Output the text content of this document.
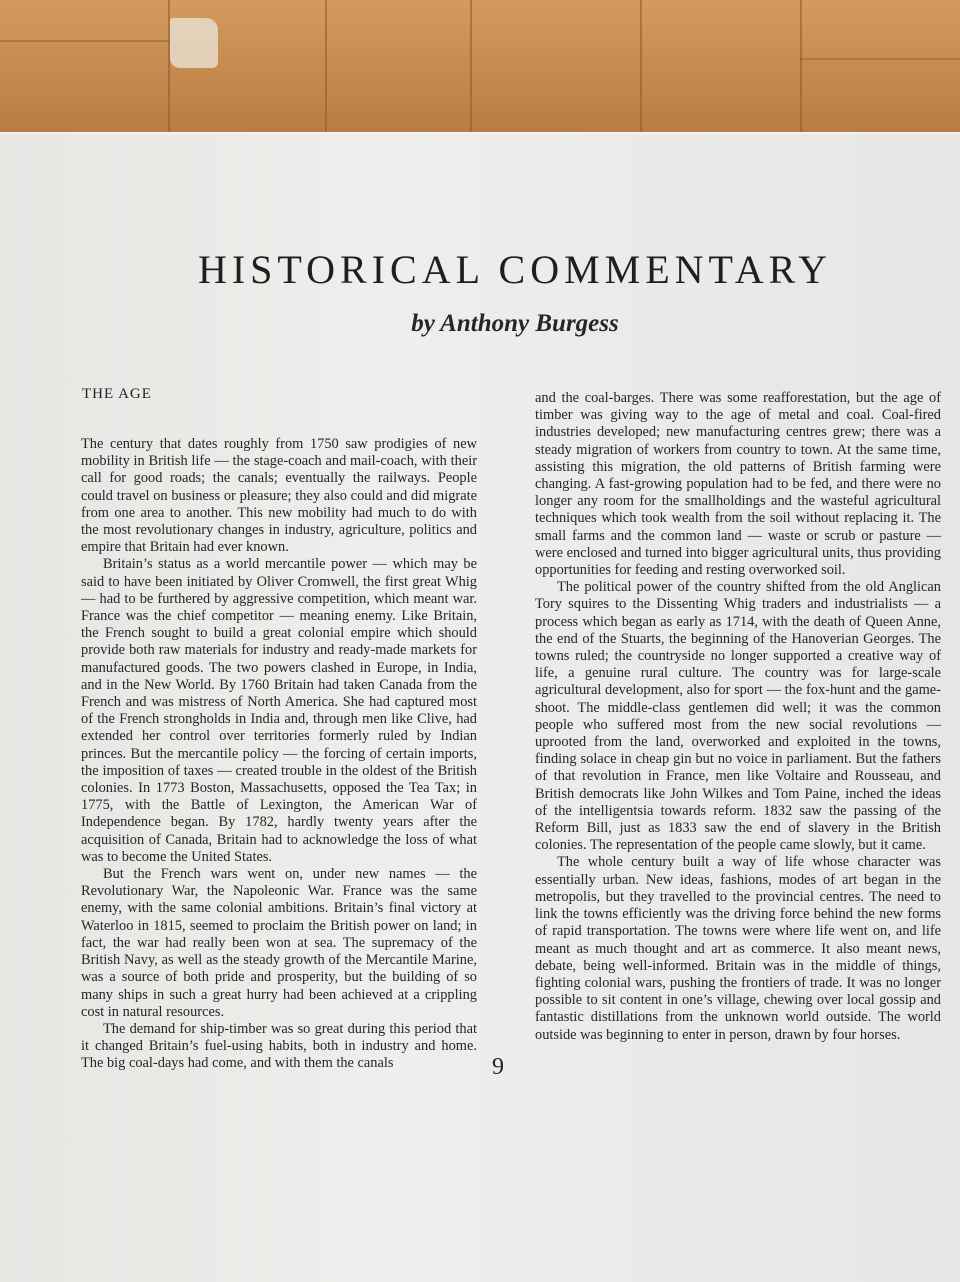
HISTORICAL COMMENTARY
by Anthony Burgess
THE AGE

The century that dates roughly from 1750 saw prodigies of new mobility in British life — the stage-coach and mail-coach, with their call for good roads; the canals; eventually the railways. People could travel on business or pleasure; they also could and did migrate from one area to another. This new mobility had much to do with the most revolutionary changes in industry, agriculture, politics and empire that Britain had ever known.

Britain’s status as a world mercantile power — which may be said to have been initiated by Oliver Cromwell, the first great Whig — had to be furthered by aggressive competition, which meant war. France was the chief competitor — meaning enemy. Like Britain, the French sought to build a great colonial empire which should provide both raw materials for industry and ready-made markets for manufactured goods. The two powers clashed in Europe, in India, and in the New World. By 1760 Britain had taken Canada from the French and was mistress of North America. She had captured most of the French strongholds in India and, through men like Clive, had extended her control over territories formerly ruled by Indian princes. But the mercantile policy — the forcing of certain imports, the imposition of taxes — created trouble in the oldest of the British colonies. In 1773 Boston, Massachusetts, opposed the Tea Tax; in 1775, with the Battle of Lexington, the American War of Independence began. By 1782, hardly twenty years after the acquisition of Canada, Britain had to acknowledge the loss of what was to become the United States.

But the French wars went on, under new names — the Revolutionary War, the Napoleonic War. France was the same enemy, with the same colonial ambitions. Britain’s final victory at Waterloo in 1815, seemed to proclaim the British power on land; in fact, the war had really been won at sea. The supremacy of the British Navy, as well as the steady growth of the Mercantile Marine, was a source of both pride and prosperity, but the building of so many ships in such a great hurry had been achieved at a crippling cost in natural resources.

The demand for ship-timber was so great during this period that it changed Britain’s fuel-using habits, both in industry and home. The big coal-days had come, and with them the canals

and the coal-barges. There was some reafforestation, but the age of timber was giving way to the age of metal and coal. Coal-fired industries developed; new manufacturing centres grew; there was a steady migration of workers from country to town. At the same time, assisting this migration, the old patterns of British farming were changing. A fast-growing population had to be fed, and there were no longer any room for the smallholdings and the wasteful agricultural techniques which took wealth from the soil without replacing it. The small farms and the common land — waste or scrub or pasture — were enclosed and turned into bigger agricultural units, thus providing opportunities for feeding and resting overworked soil.

The political power of the country shifted from the old Anglican Tory squires to the Dissenting Whig traders and industrialists — a process which began as early as 1714, with the death of Queen Anne, the end of the Stuarts, the beginning of the Hanoverian Georges. The towns ruled; the countryside no longer supported a creative way of life, a genuine rural culture. The country was for large-scale agricultural development, also for sport — the fox-hunt and the game-shoot. The middle-class gentlemen did well; it was the common people who suffered most from the new social revolutions — uprooted from the land, overworked and exploited in the towns, finding solace in cheap gin but no voice in parliament. But the fathers of that revolution in France, men like Voltaire and Rousseau, and British democrats like John Wilkes and Tom Paine, inched the ideas of the intelligentsia towards reform. 1832 saw the passing of the Reform Bill, just as 1833 saw the end of slavery in the British colonies. The representation of the people came slowly, but it came.

The whole century built a way of life whose character was essentially urban. New ideas, fashions, modes of art began in the metropolis, but they travelled to the provincial centres. The need to link the towns efficiently was the driving force behind the new forms of rapid transportation. The towns were where life went on, and life meant as much thought and art as commerce. It also meant news, debate, being well-informed. Britain was in the middle of things, fighting colonial wars, pushing the frontiers of trade. It was no longer possible to sit content in one’s village, chewing over local gossip and fantastic distillations from the unknown world outside. The world outside was beginning to enter in person, drawn by four horses.

9
